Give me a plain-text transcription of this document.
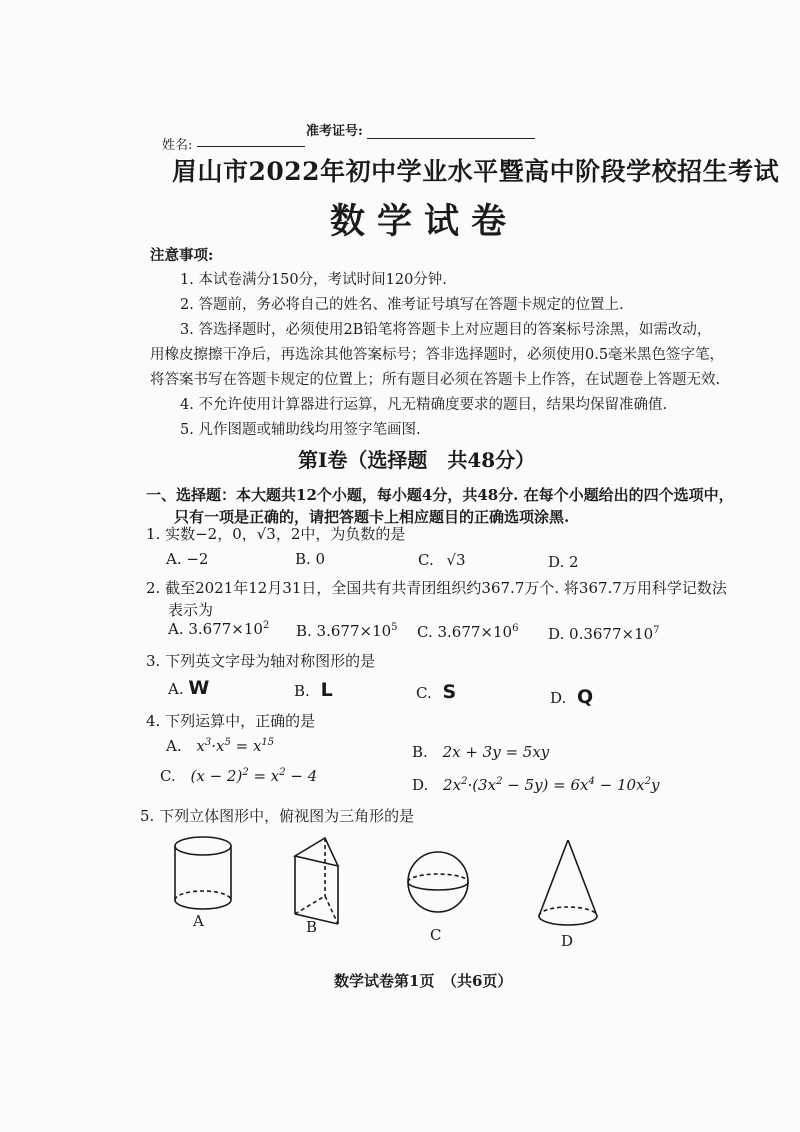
姓名:
准考证号:
眉山市2022年初中学业水平暨高中阶段学校招生考试
数学试卷
注意事项:
1. 本试卷满分150分，考试时间120分钟.
2. 答题前，务必将自己的姓名、准考证号填写在答题卡规定的位置上.
3. 答选择题时，必须使用2B铅笔将答题卡上对应题目的答案标号涂黑，如需改动，
用橡皮擦擦干净后，再选涂其他答案标号；答非选择题时，必须使用0.5毫米黑色签字笔，
将答案书写在答题卡规定的位置上；所有题目必须在答题卡上作答，在试题卷上答题无效.
4. 不允许使用计算器进行运算，凡无精确度要求的题目，结果均保留准确值.
5. 凡作图题或辅助线均用签字笔画图.
第Ⅰ卷（选择题　共48分）
一、选择题：本大题共12个小题，每小题4分，共48分. 在每个小题给出的四个选项中，
只有一项是正确的，请把答题卡上相应题目的正确选项涂黑.
1. 实数−2，0，√3，2中，为负数的是
A. −2	B. 0	C. √3	D. 2
2. 截至2021年12月31日，全国共有共青团组织约367.7万个. 将367.7万用科学记数法
表示为
A. $3.677\times 10^2$ B. $3.677\times 10^5$ C. $3.677\times 10^6$ D. $0.3677\times 10^7$
3. 下列英文字母为轴对称图形的是
A. W	B. L	C. S	D. Q
4. 下列运算中，正确的是
A. $x^3\cdot x^5 = x^{15}$
B. 2x + 3y = 5xy
C. $(x - 2)^2 = x^2 - 4$	D. $2x^2\cdot(3x^2 - 5y) = 6x^4 - 10x^2y$
5. 下列立体图形中，俯视图为三角形的是
A	B	C	D
数学试卷第1页　（共6页）
